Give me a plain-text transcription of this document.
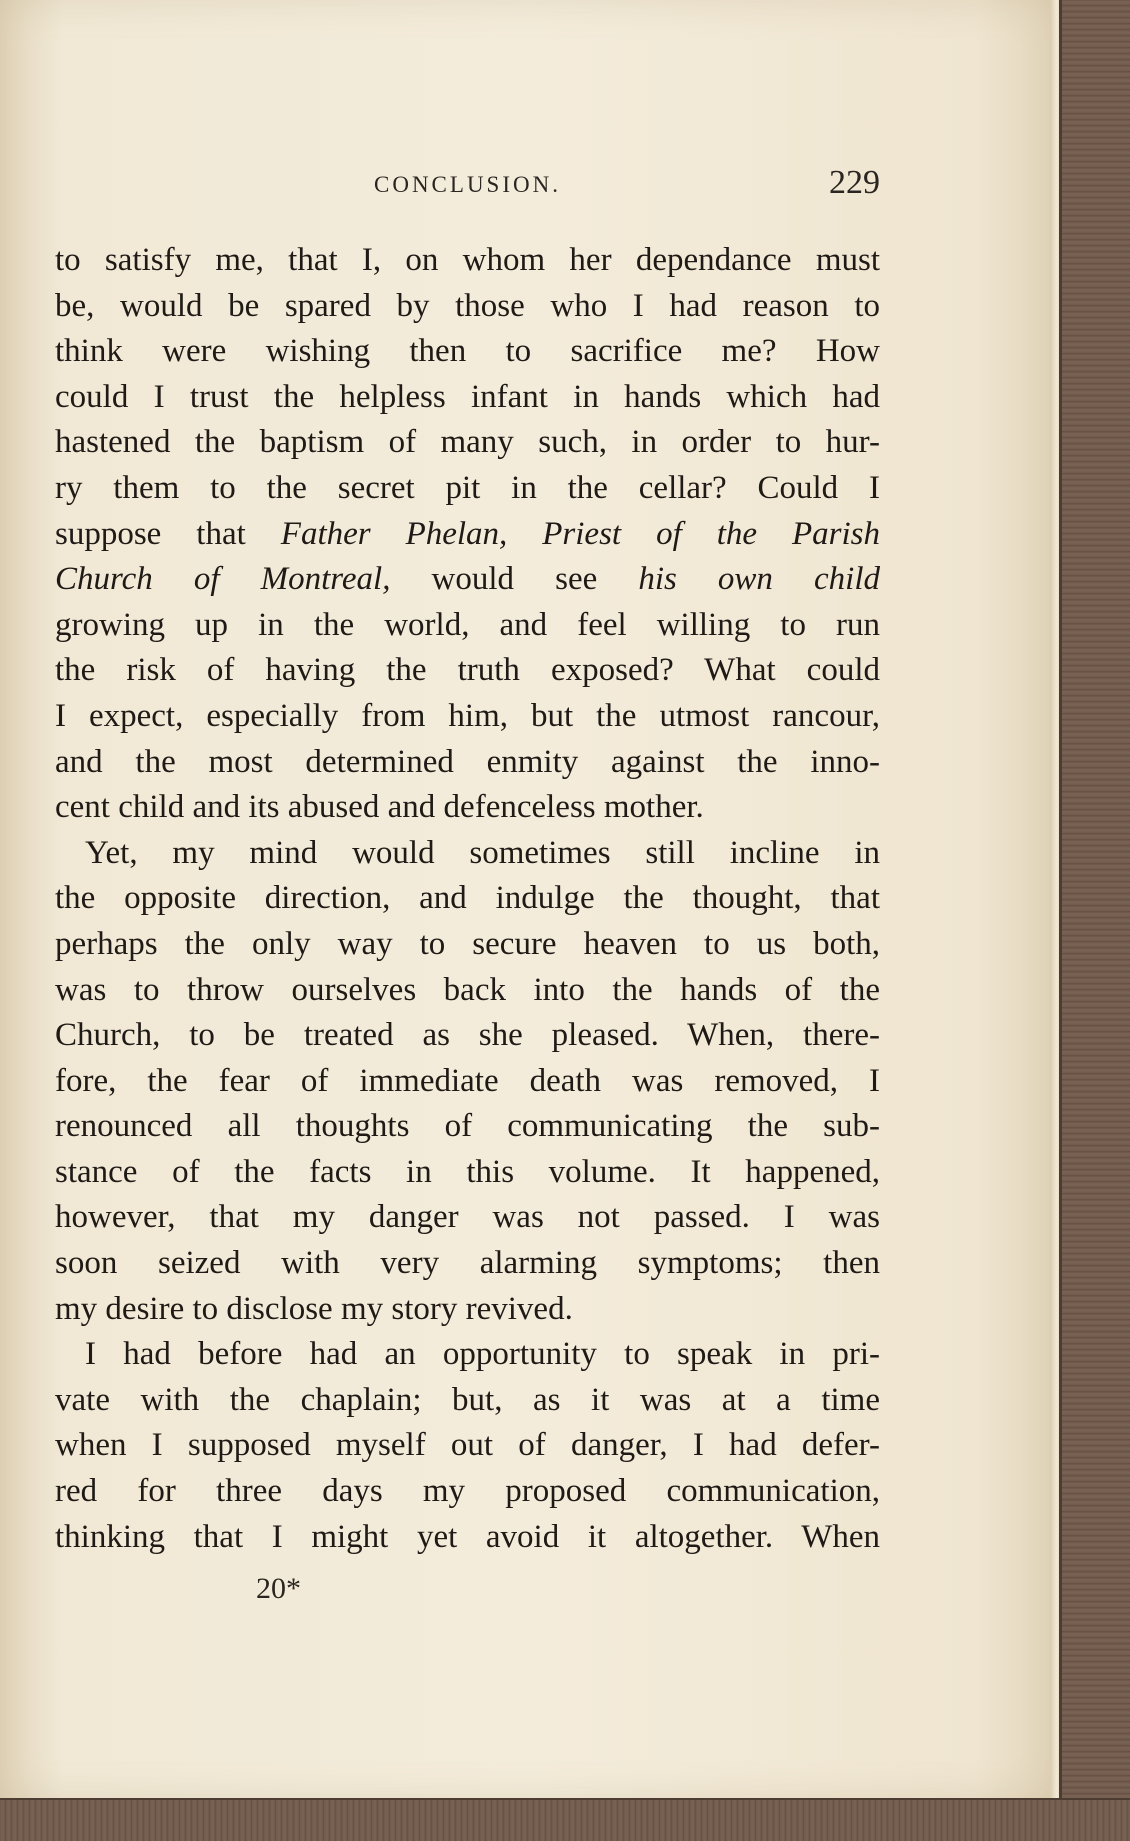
CONCLUSION.	229
to satisfy me, that I, on whom her dependance must
be, would be spared by those who I had reason to
think were wishing then to sacrifice me? How
could I trust the helpless infant in hands which had
hastened the baptism of many such, in order to hur-
ry them to the secret pit in the cellar? Could I
suppose that Father Phelan, Priest of the Parish
Church of Montreal, would see his own child
growing up in the world, and feel willing to run
the risk of having the truth exposed? What could
I expect, especially from him, but the utmost rancour,
and the most determined enmity against the inno-
cent child and its abused and defenceless mother.
Yet, my mind would sometimes still incline in
the opposite direction, and indulge the thought, that
perhaps the only way to secure heaven to us both,
was to throw ourselves back into the hands of the
Church, to be treated as she pleased. When, there-
fore, the fear of immediate death was removed, I
renounced all thoughts of communicating the sub-
stance of the facts in this volume. It happened,
however, that my danger was not passed. I was
soon seized with very alarming symptoms; then
my desire to disclose my story revived.
I had before had an opportunity to speak in pri-
vate with the chaplain; but, as it was at a time
when I supposed myself out of danger, I had defer-
red for three days my proposed communication,
thinking that I might yet avoid it altogether. When
20*
